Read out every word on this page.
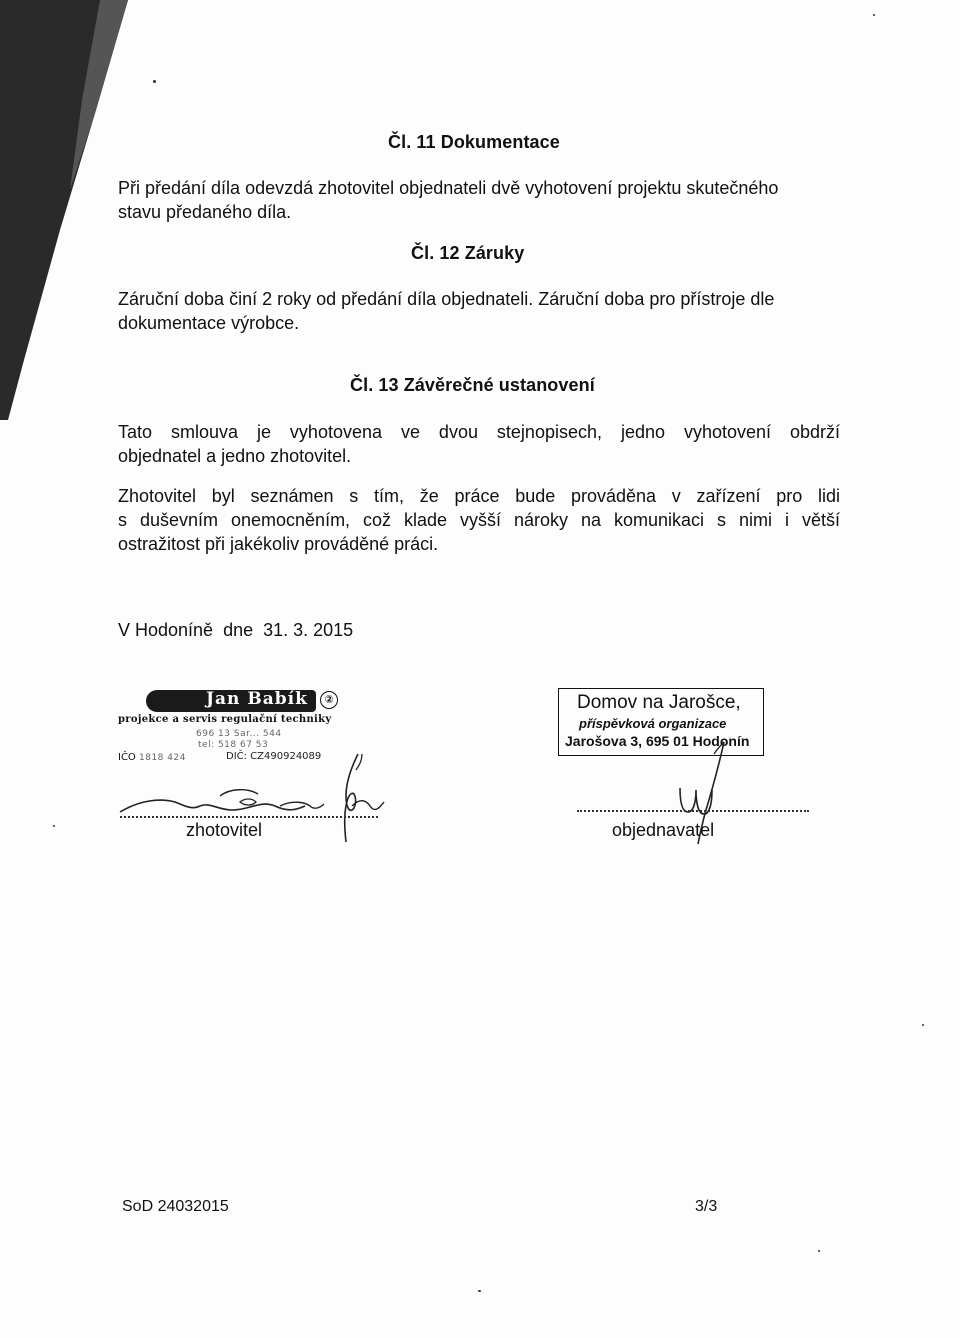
Čl. 11 Dokumentace
Při předání díla odevzdá zhotovitel objednateli dvě vyhotovení projektu skutečného
stavu předaného díla.
Čl. 12 Záruky
Záruční doba činí 2 roky od předání díla objednateli. Záruční doba pro přístroje dle
dokumentace výrobce.
Čl. 13 Závěrečné ustanovení
Tato smlouva je vyhotovena ve dvou stejnopisech, jedno vyhotovení obdrží
objednatel a jedno zhotovitel.
Zhotovitel byl seznámen s tím, že práce bude prováděna v zařízení pro lidi
s duševním onemocněním, což klade vyšší nároky na komunikaci s nimi i větší
ostražitost při jakékoliv prováděné práci.
V Hodoníně  dne  31. 3. 2015
Jan Babík	②
projekce a servis regulační techniky
696 13 Sar... 544
tel: 518 67 53
IČO 1818 424	DIČ: CZ4909240​89
zhotovitel
Domov na Jarošce,
příspěvková organizace
Jarošova 3, 695 01 Hodonín
objednavatel
SoD 24032015	3/3
